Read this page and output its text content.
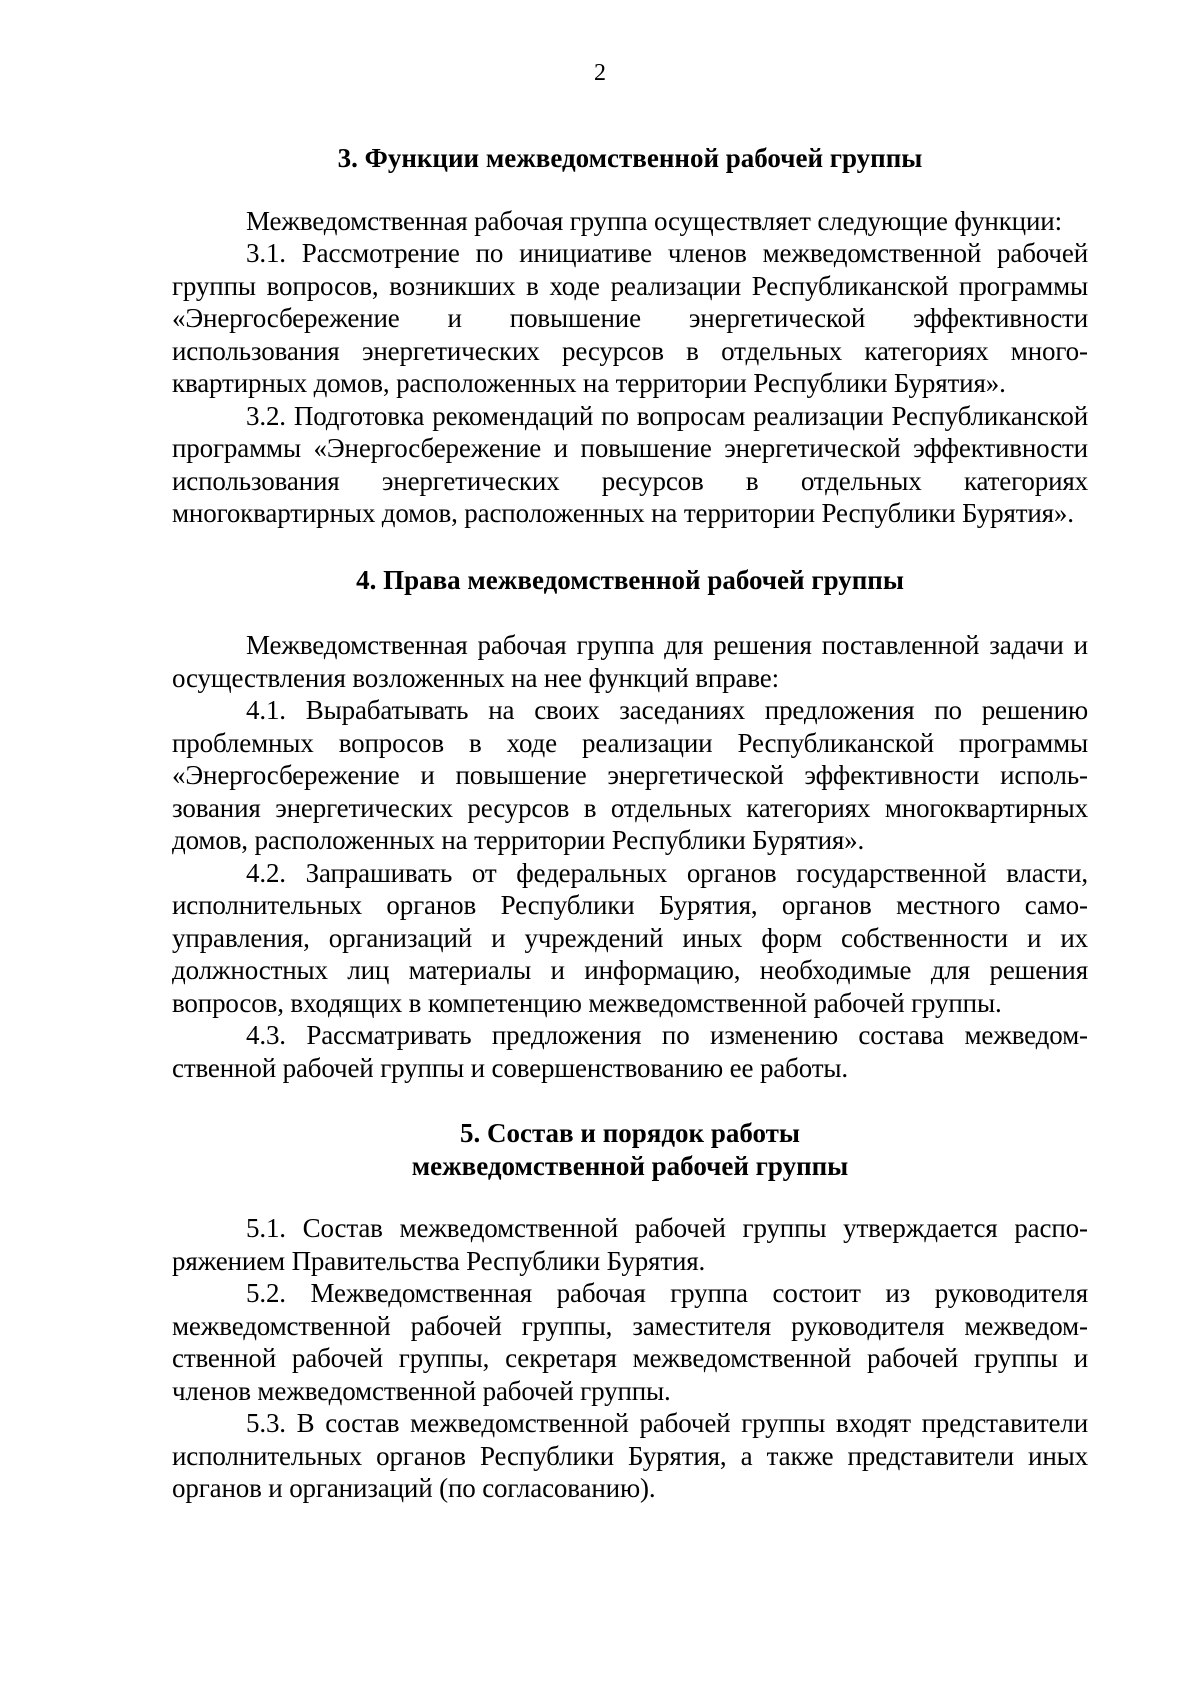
2
3. Функции межведомственной рабочей группы

Межведомственная рабочая группа осуществляет следующие функции:

3.1. Рассмотрение по инициативе членов межведомственной рабочей группы вопросов, возникших в ходе реализации Республиканской программы «Энергосбережение и повышение энергетической эффективности использования энергетических ресурсов в отдельных категориях многоквартирных домов, расположенных на территории Республики Бурятия».

3.2. Подготовка рекомендаций по вопросам реализации Республиканской программы «Энергосбережение и повышение энергетической эффективности использования энергетических ресурсов в отдельных категориях многоквартирных домов, расположенных на территории Республики Бурятия».

4. Права межведомственной рабочей группы

Межведомственная рабочая группа для решения поставленной задачи и осуществления возложенных на нее функций вправе:

4.1. Вырабатывать на своих заседаниях предложения по решению проблемных вопросов в ходе реализации Республиканской программы «Энергосбережение и повышение энергетической эффективности использования энергетических ресурсов в отдельных категориях многоквартирных домов, расположенных на территории Республики Бурятия».

4.2. Запрашивать от федеральных органов государственной власти, исполнительных органов Республики Бурятия, органов местного самоуправления, организаций и учреждений иных форм собственности и их должностных лиц материалы и информацию, необходимые для решения вопросов, входящих в компетенцию межведомственной рабочей группы.

4.3. Рассматривать предложения по изменению состава межведомственной рабочей группы и совершенствованию ее работы.

5. Состав и порядок работы
межведомственной рабочей группы

5.1. Состав межведомственной рабочей группы утверждается распоряжением Правительства Республики Бурятия.

5.2. Межведомственная рабочая группа состоит из руководителя межведомственной рабочей группы, заместителя руководителя межведомственной рабочей группы, секретаря межведомственной рабочей группы и членов межведомственной рабочей группы.

5.3. В состав межведомственной рабочей группы входят представители исполнительных органов Республики Бурятия, а также представители иных органов и организаций (по согласованию).
